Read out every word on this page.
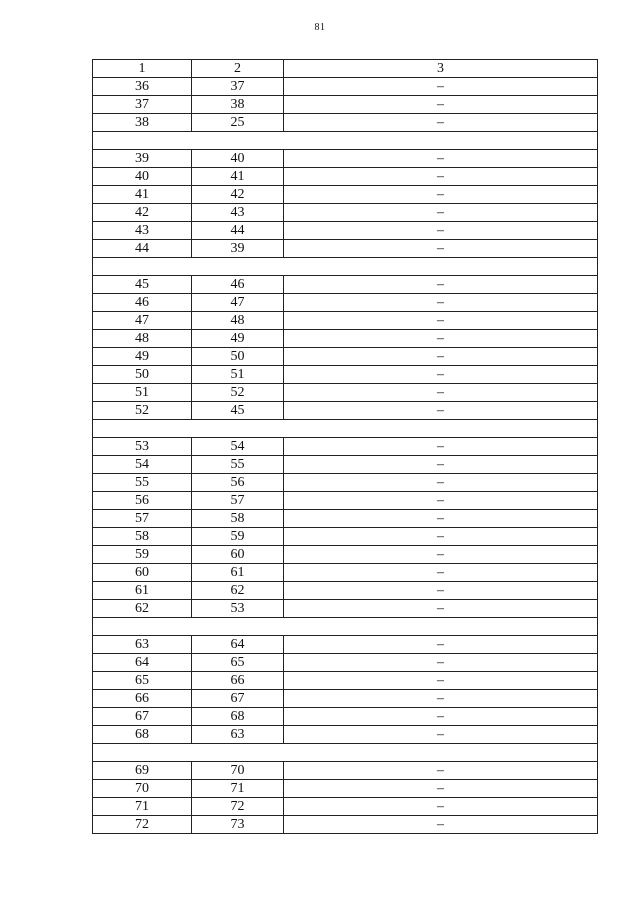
81
1	2	3
36	37	–
37	38	–
38	25	–

39	40	–
40	41	–
41	42	–
42	43	–
43	44	–
44	39	–

45	46	–
46	47	–
47	48	–
48	49	–
49	50	–
50	51	–
51	52	–
52	45	–

53	54	–
54	55	–
55	56	–
56	57	–
57	58	–
58	59	–
59	60	–
60	61	–
61	62	–
62	53	–

63	64	–
64	65	–
65	66	–
66	67	–
67	68	–
68	63	–

69	70	–
70	71	–
71	72	–
72	73	–
